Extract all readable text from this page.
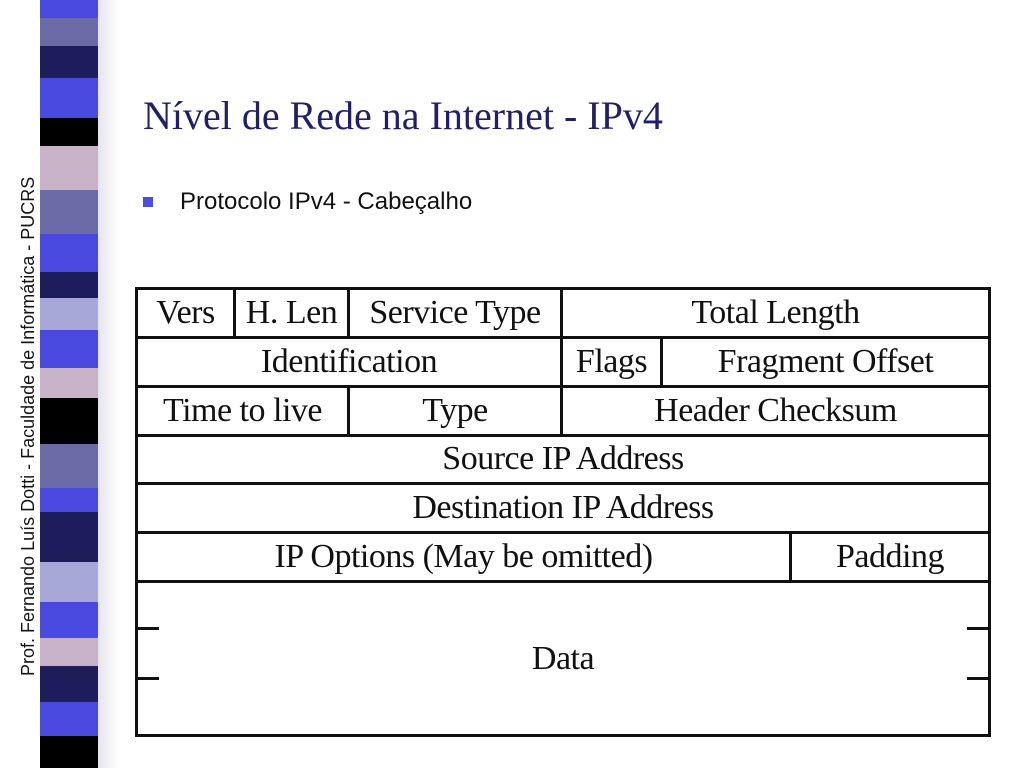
Prof. Fernando Luís Dotti - Faculdade de Informática - PUCRS
Nível de Rede na Internet - IPv4
Protocolo IPv4 - Cabeçalho
Vers	H. Len	Service Type	Total Length		
Identification			Flags	Fragment Offset	
Time to live		Type	Header Checksum		
Source IP Address					
Destination IP Address					
IP Options (May be omitted)					Padding
Data					
